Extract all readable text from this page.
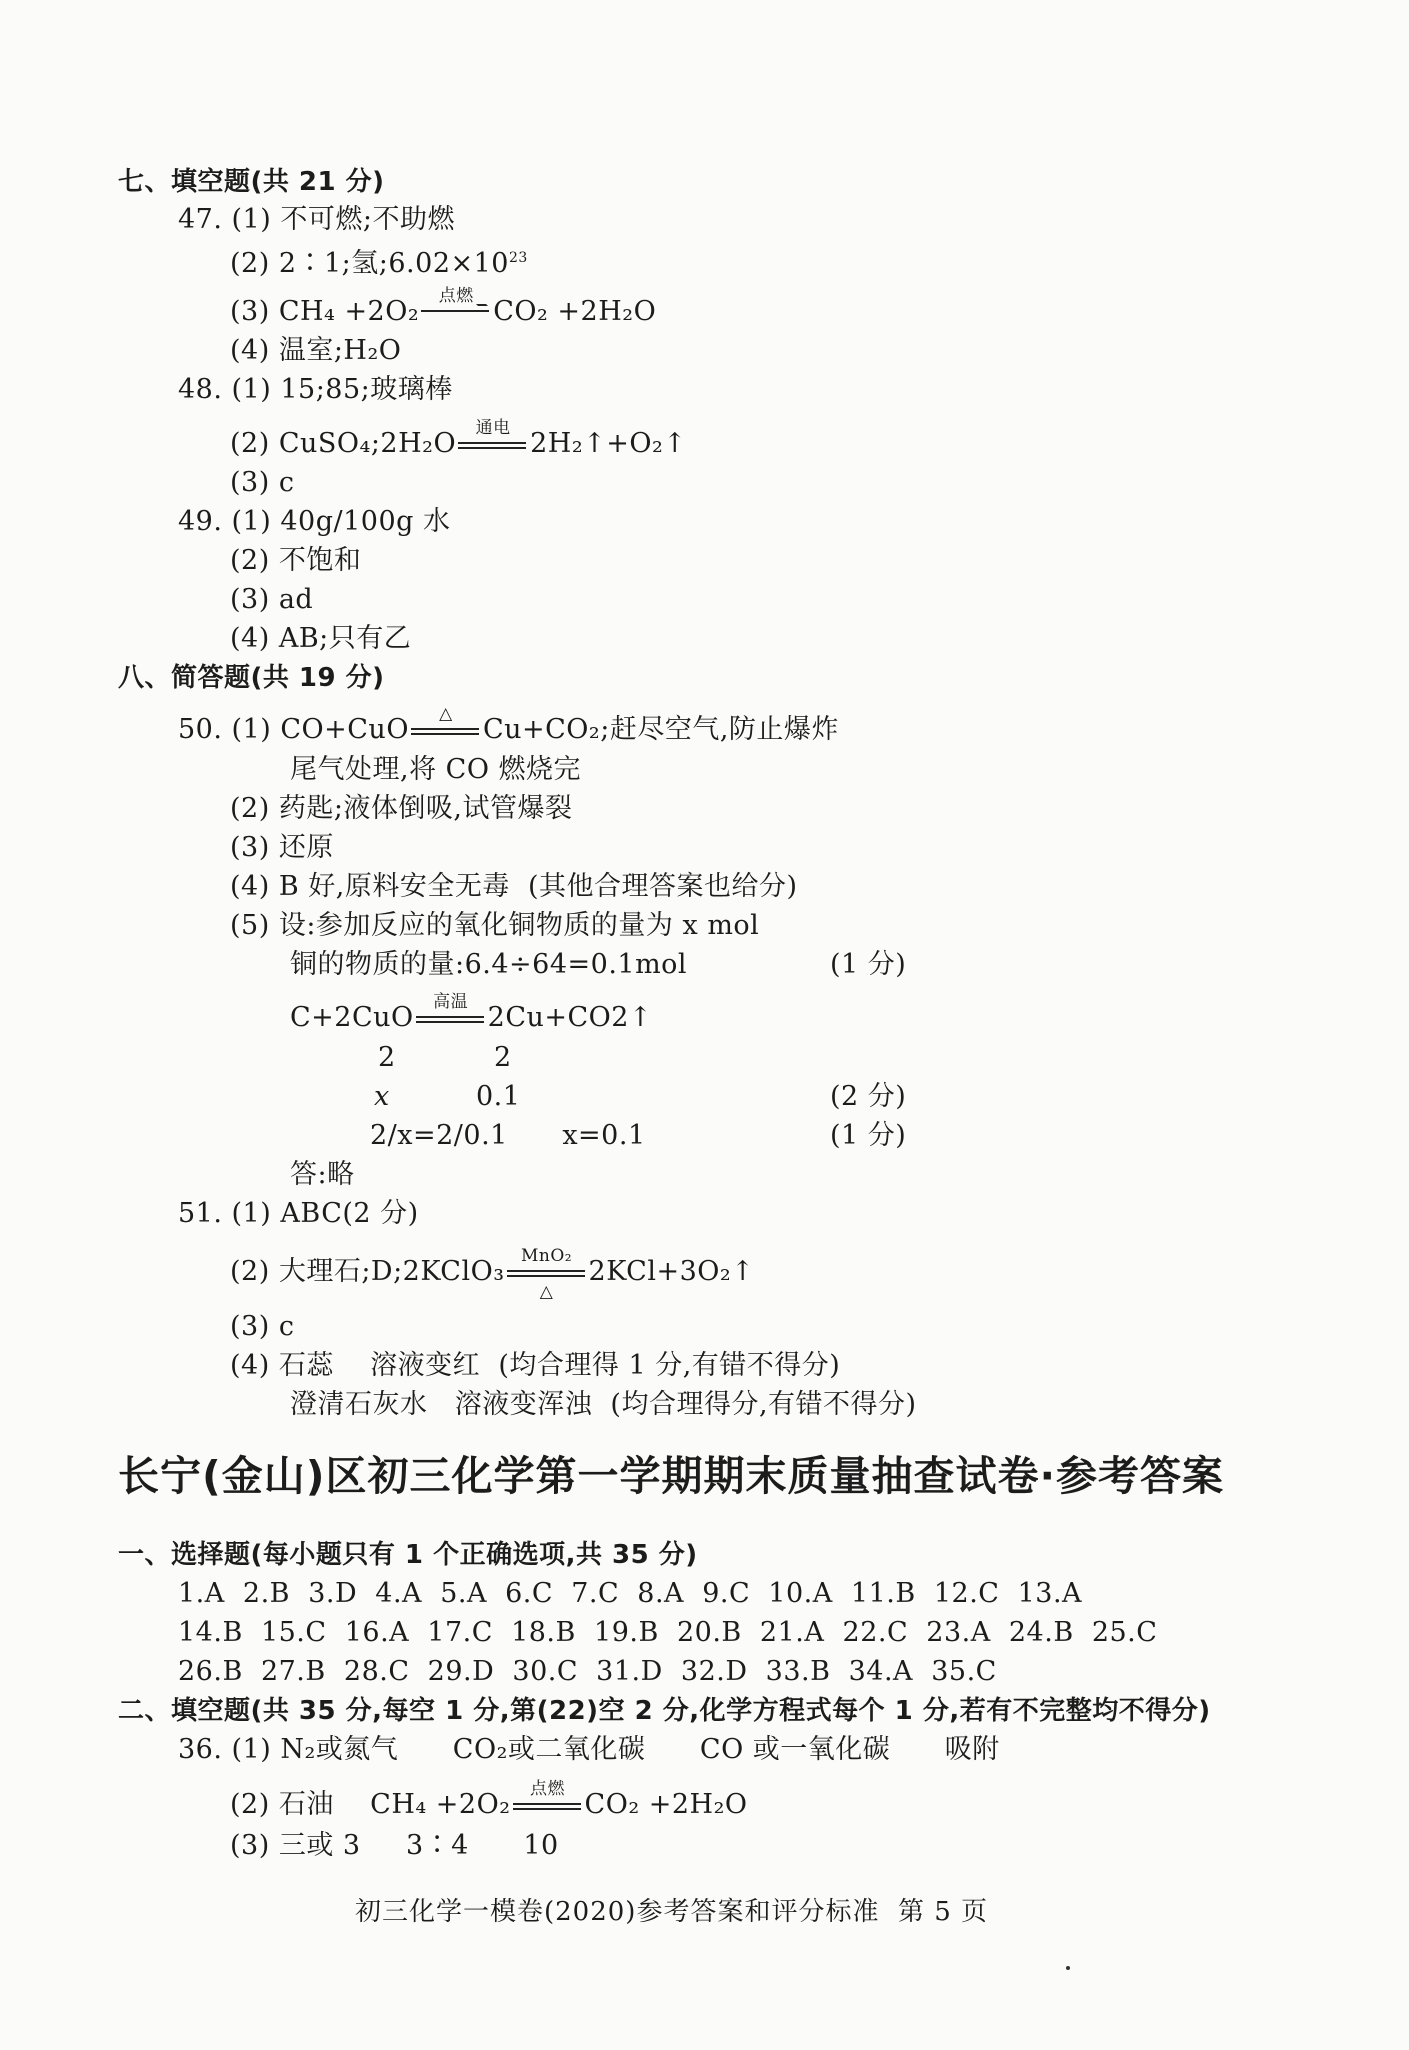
七、填空题(共 21 分)
47. (1) 不可燃;不助燃
(2) 2∶1;氢$;6.02\times 10^{23}$
(3) CH₄ +2O₂
点燃
CO₂ +2H₂O
(4) 温室;H₂O
48. (1) 15;85;玻璃棒
(2) CuSO₄;2H₂O
通电
2H₂↑+O₂↑
(3) c
49. (1) 40g/100g 水
(2) 不饱和
(3) ad
(4) AB;只有乙
八、简答题(共 19 分)
50. (1) CO+CuO
△
Cu+CO₂;赶尽空气,防止爆炸
尾气处理,将 CO 燃烧完
(2) 药匙;液体倒吸,试管爆裂
(3) 还原
(4) B 好,原料安全无毒  (其他合理答案也给分)
(5) 设:参加反应的氧化铜物质的量为 x mol
铜的物质的量:6.4÷64=0.1mol	(1 分)
C+2CuO
高温
2Cu+CO2↑
2	2
x	0.1	(2 分)
2/x=2/0.1      x=0.1	(1 分)
答:略
51. (1) ABC(2 分)
(2) 大理石;D;2KClO₃
MnO₂
△
2KCl+3O₂↑
(3) c
(4) 石蕊    溶液变红  (均合理得 1 分,有错不得分)
澄清石灰水   溶液变浑浊  (均合理得分,有错不得分)
长宁(金山)区初三化学第一学期期末质量抽查试卷·参考答案
一、选择题(每小题只有 1 个正确选项,共 35 分)
1.A  2.B  3.D  4.A  5.A  6.C  7.C  8.A  9.C  10.A  11.B  12.C  13.A
14.B  15.C  16.A  17.C  18.B  19.B  20.B  21.A  22.C  23.A  24.B  25.C
26.B  27.B  28.C  29.D  30.C  31.D  32.D  33.B  34.A  35.C
二、填空题(共 35 分,每空 1 分,第(22)空 2 分,化学方程式每个 1 分,若有不完整均不得分)
36. (1) N₂或氮气      CO₂或二氧化碳      CO 或一氧化碳      吸附
(2) 石油    CH₄ +2O₂
点燃
CO₂ +2H₂O
(3) 三或 3     3∶4      10
初三化学一模卷(2020)参考答案和评分标准  第 5 页
